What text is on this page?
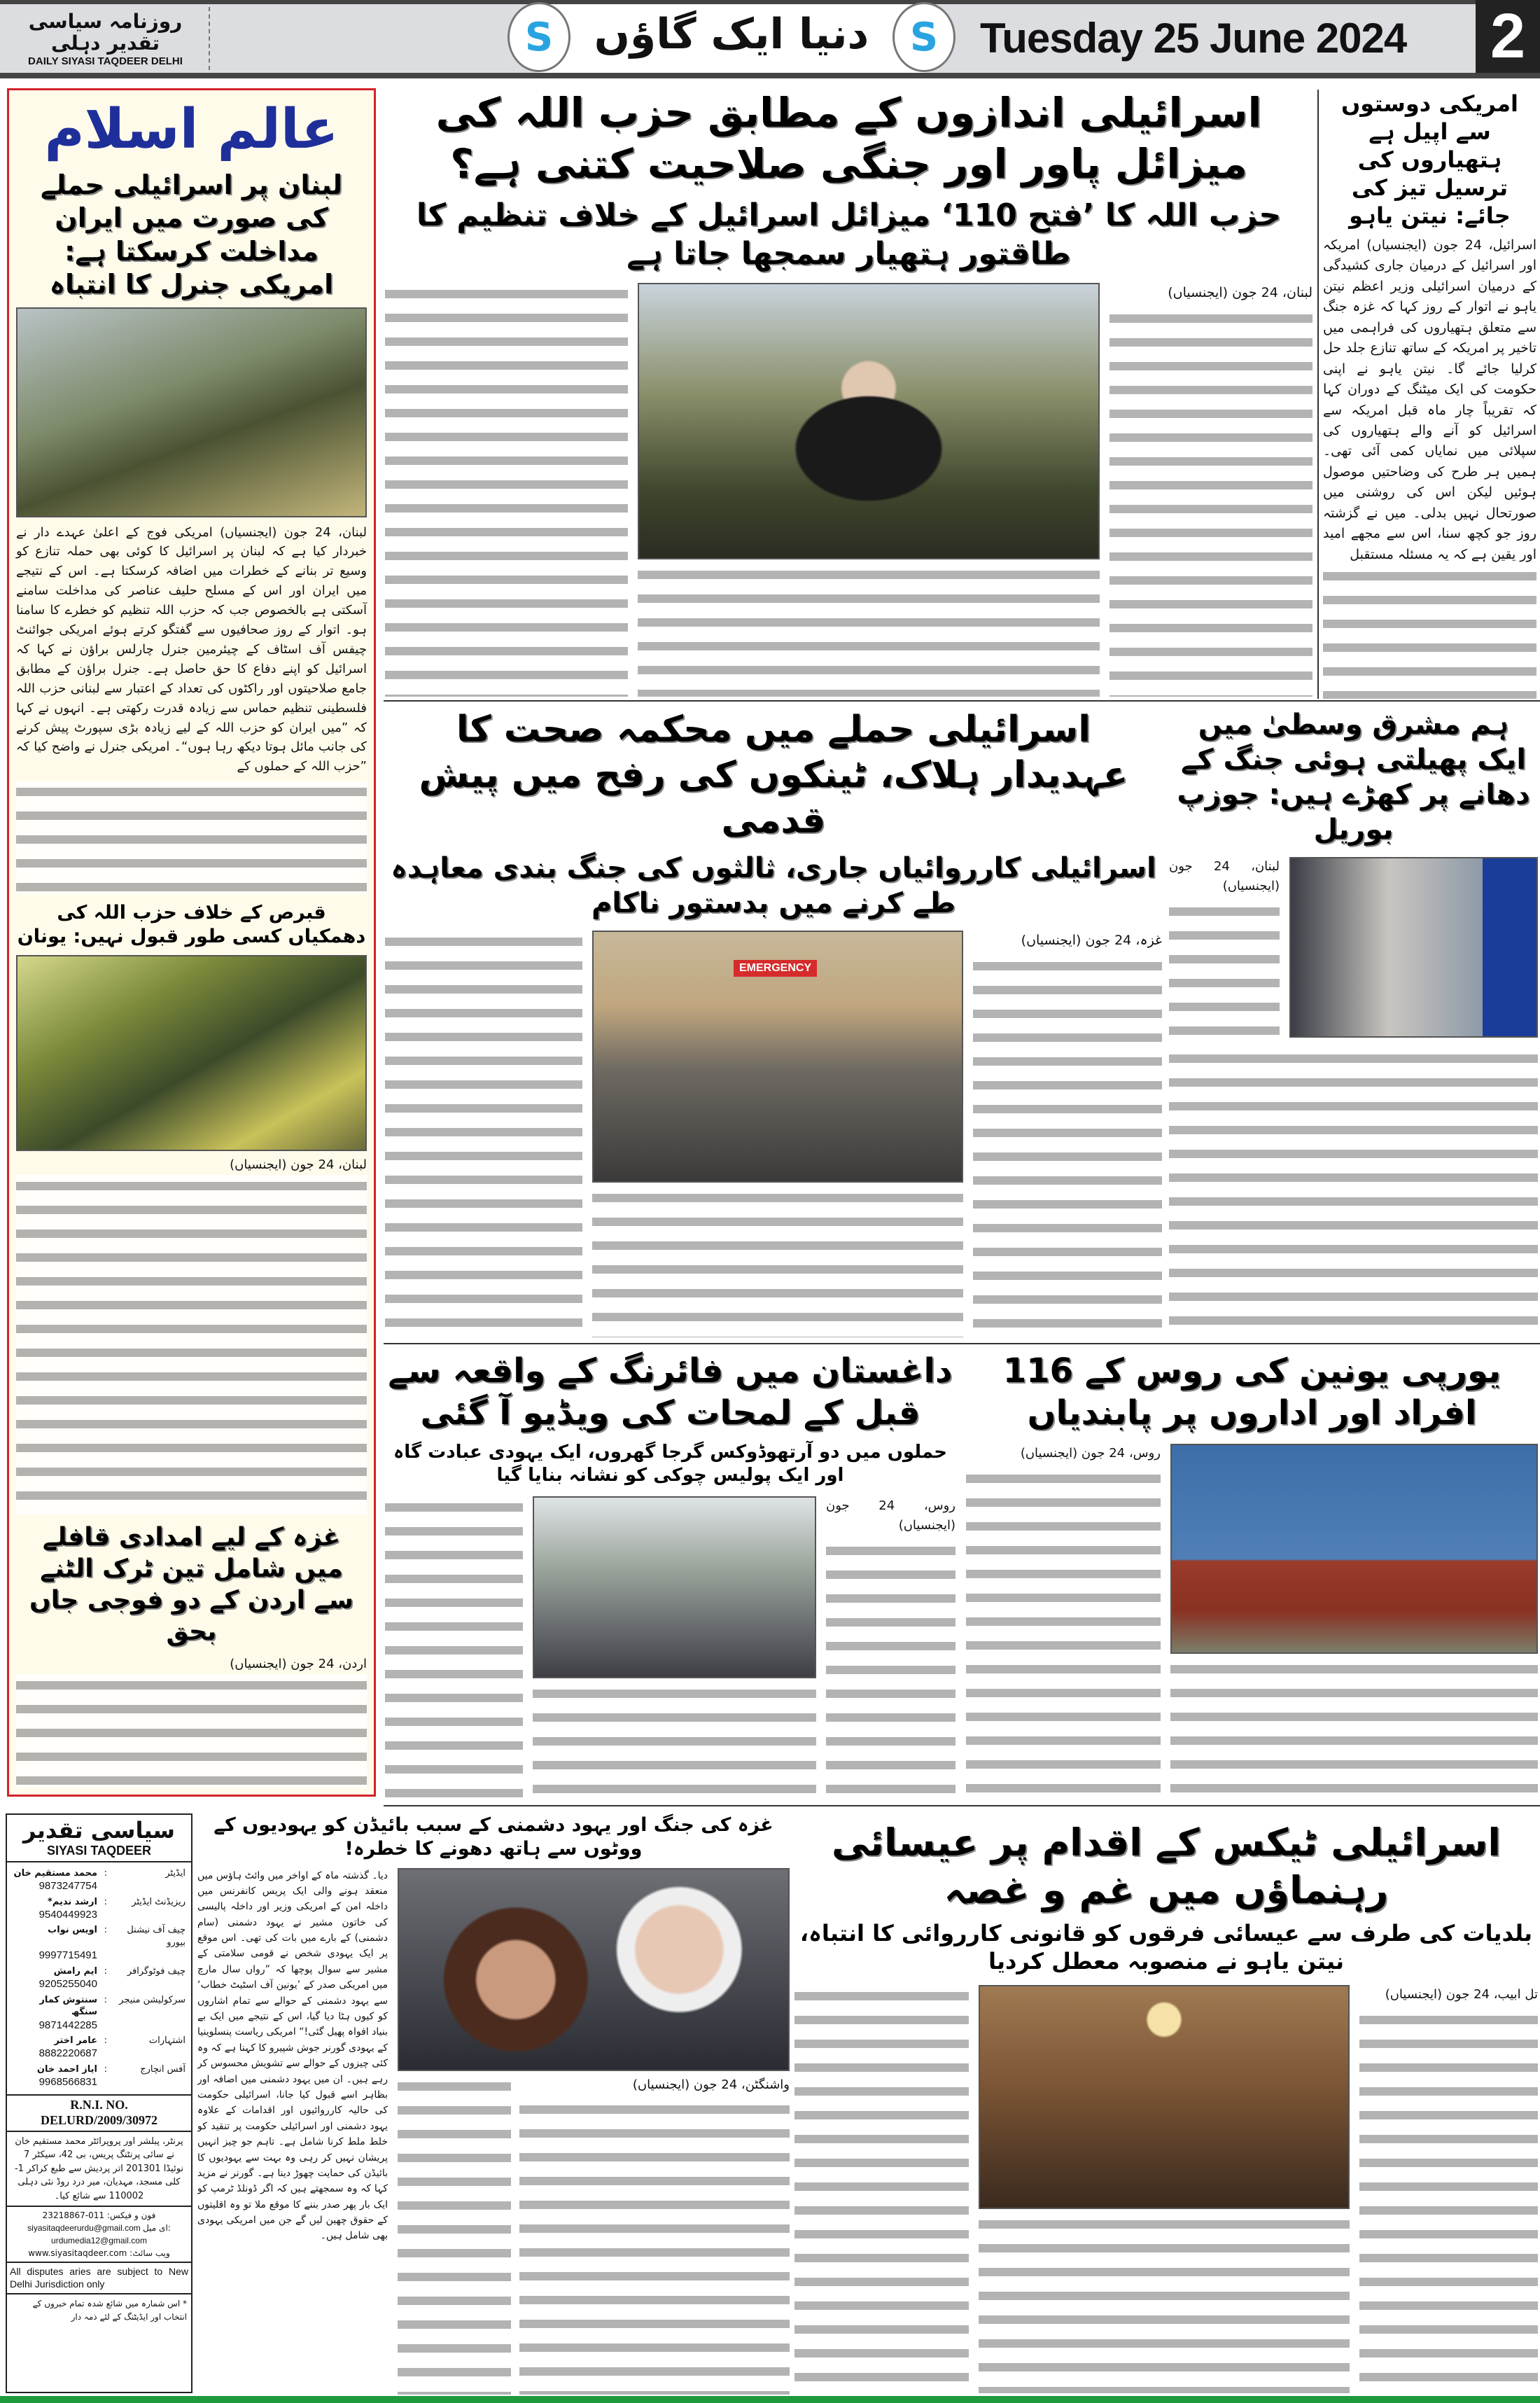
روزنامہ سیاسی تقدیر دہلی
DAILY SIYASI TAQDEER DELHI
S دنیا ایک گاؤں	S Tuesday 25 June 2024 2
عالم اسلام
لبنان پر اسرائیلی حملے کی صورت میں ایران مداخلت کرسکتا ہے: امریکی جنرل کا انتباہ
لبنان، 24 جون (ایجنسیاں) امریکی فوج کے اعلیٰ عہدے دار نے خبردار کیا ہے کہ لبنان پر اسرائیل کا کوئی بھی حملہ تنازع کو وسیع تر بنانے کے خطرات میں اضافہ کرسکتا ہے۔ اس کے نتیجے میں ایران اور اس کے مسلح حلیف عناصر کی مداخلت سامنے آسکتی ہے بالخصوص جب کہ حزب اللہ تنظیم کو خطرے کا سامنا ہو۔ اتوار کے روز صحافیوں سے گفتگو کرتے ہوئے امریکی جوائنٹ چیفس آف اسٹاف کے چیئرمین جنرل چارلس براؤن نے کہا کہ اسرائیل کو اپنے دفاع کا حق حاصل ہے۔ جنرل براؤن کے مطابق جامع صلاحیتوں اور راکٹوں کی تعداد کے اعتبار سے لبنانی حزب اللہ فلسطینی تنظیم حماس سے زیادہ قدرت رکھتی ہے۔ انہوں نے کہا کہ ”میں ایران کو حزب اللہ کے لیے زیادہ بڑی سپورٹ پیش کرنے کی جانب مائل ہوتا دیکھ رہا ہوں“۔ امریکی جنرل نے واضح کیا کہ ”حزب اللہ کے حملوں کے
قبرص کے خلاف حزب اللہ کی دھمکیاں کسی طور قبول نہیں: یونان
لبنان، 24 جون (ایجنسیاں)
غزہ کے لیے امدادی قافلے میں شامل تین ٹرک الٹنے سے اردن کے دو فوجی جاں بحق
اردن، 24 جون (ایجنسیاں)
سیاسی تقدیر
SIYASI TAQDEER
ایڈیٹر
:
محمد مستقیم خان
9873247754
ریزیڈنٹ ایڈیٹر
:
ارشد ندیم*
9540449923
چیف آف نیشنل بیورو
:
اویس نواب
9997715491
چیف فوٹوگرافر
:
ایم رامش
9205255040
سرکولیشن منیجر
:
سنتوش کمار سنگھ
9871442285
اشتہارات
:
عامر اختر
8882220687
آفس انچارج
:
ایاز احمد خان
9968566831
R.N.I. NO.
DELURD/2009/30972
پرنٹر، پبلشر اور پروپرائٹر محمد مستقیم خان نے سائی پرنٹنگ پریس، بی 42، سیکٹر 7 نوئیڈا 201301 اتر پردیش سے طبع کراکر 1-کلی مسجد، مہدیان، میر درد روڈ نئی دہلی 110002 سے شائع کیا۔
فون و فیکس: 011-23218867
siyasitaqdeerurdu@gmail.com ای میل:
urdumedia12@gmail.com
ویب سائٹ: www.siyasitaqdeer.com
All disputes aries are subject to New Delhi Jurisdiction only
* اس شمارہ میں شائع شدہ تمام خبروں کے انتخاب اور ایڈیٹنگ کے لئے ذمہ دار
امریکی دوستوں سے اپیل ہے ہتھیاروں کی ترسیل تیز کی جائے: نیتن یاہو
اسرائیل، 24 جون (ایجنسیاں) امریکہ اور اسرائیل کے درمیان جاری کشیدگی کے درمیان اسرائیلی وزیر اعظم نیتن یاہو نے اتوار کے روز کہا کہ غزہ جنگ سے متعلق ہتھیاروں کی فراہمی میں تاخیر پر امریکہ کے ساتھ تنازع جلد حل کرلیا جائے گا۔ نیتن یاہو نے اپنی حکومت کی ایک میٹنگ کے دوران کہا کہ تقریباً چار ماہ قبل امریکہ سے اسرائیل کو آنے والے ہتھیاروں کی سپلائی میں نمایاں کمی آئی تھی۔ ہمیں ہر طرح کی وضاحتیں موصول ہوئیں لیکن اس کی روشنی میں صورتحال نہیں بدلی۔ میں نے گزشتہ روز جو کچھ سنا، اس سے مجھے امید اور یقین ہے کہ یہ مسئلہ مستقبل
اسرائیلی اندازوں کے مطابق حزب اللہ کی میزائل پاور اور جنگی صلاحیت کتنی ہے؟
حزب اللہ کا ’فتح 110‘ میزائل اسرائیل کے خلاف تنظیم کا طاقتور ہتھیار سمجھا جاتا ہے
لبنان، 24 جون (ایجنسیاں)
اسرائیلی حملے میں محکمہ صحت کا عہدیدار ہلاک، ٹینکوں کی رفح میں پیش قدمی
اسرائیلی کارروائیاں جاری، ثالثوں کی جنگ بندی معاہدہ طے کرنے میں بدستور ناکام
غزہ، 24 جون (ایجنسیاں)
EMERGENCY
ہم مشرق وسطیٰ میں ایک پھیلتی ہوئی جنگ کے دھانے پر کھڑے ہیں: جوزپ بوریل
لبنان، 24 جون (ایجنسیاں)
داغستان میں فائرنگ کے واقعہ سے قبل کے لمحات کی ویڈیو آ گئی
حملوں میں دو آرتھوڈوکس گرجا گھروں، ایک یہودی عبادت گاہ اور ایک پولیس چوکی کو نشانہ بنایا گیا
روس، 24 جون (ایجنسیاں)
یورپی یونین کی روس کے 116 افراد اور اداروں پر پابندیاں
روس، 24 جون (ایجنسیاں)
غزہ کی جنگ اور یہود دشمنی کے سبب بائیڈن کو یہودیوں کے ووٹوں سے ہاتھ دھونے کا خطرہ!
واشنگٹن، 24 جون (ایجنسیاں)
دیا۔ گذشتہ ماہ کے اواخر میں وائٹ ہاؤس میں منعقد ہونے والی ایک پریس کانفرنس میں داخلہ امن کے امریکی وزیر اور داخلہ پالیسی کی خاتون مشیر نے یہود دشمنی (سام دشمنی) کے بارے میں بات کی تھی۔ اس موقع پر ایک یہودی شخص نے قومی سلامتی کے مشیر سے سوال پوچھا کہ ”رواں سال مارچ میں امریکی صدر کے ’یونین آف اسٹیٹ خطاب‘ سے یہود دشمنی کے حوالے سے تمام اشاروں کو کیوں ہٹا دیا گیا، اس کے نتیجے میں ایک بے بنیاد افواہ پھیل گئی!“ امریکی ریاست پنسلوینیا کے یہودی گورنر جوش شپیرو کا کہنا ہے کہ وہ کئی چیزوں کے حوالے سے تشویش محسوس کر رہے ہیں۔ ان میں یہود دشمنی میں اضافہ اور بظاہر اسے قبول کیا جانا، اسرائیلی حکومت کی حالیہ کارروائیوں اور اقدامات کے علاوہ یہود دشمنی اور اسرائیلی حکومت پر تنقید کو خلط ملط کرنا شامل ہے۔ تاہم جو چیز انہیں پریشان نہیں کر رہی وہ بہت سے یہودیوں کا بائیڈن کی حمایت چھوڑ دینا ہے۔ گورنر نے مزید کہا کہ وہ سمجھتے ہیں کہ اگر ڈونلڈ ٹرمپ کو ایک بار پھر صدر بننے کا موقع ملا تو وہ اقلیتوں کے حقوق چھین لیں گے جن میں امریکی یہودی بھی شامل ہیں۔
اسرائیلی ٹیکس کے اقدام پر عیسائی رہنماؤں میں غم و غصہ
بلدیات کی طرف سے عیسائی فرقوں کو قانونی کارروائی کا انتباہ، نیتن یاہو نے منصوبہ معطل کردیا
تل ابیب، 24 جون (ایجنسیاں)
